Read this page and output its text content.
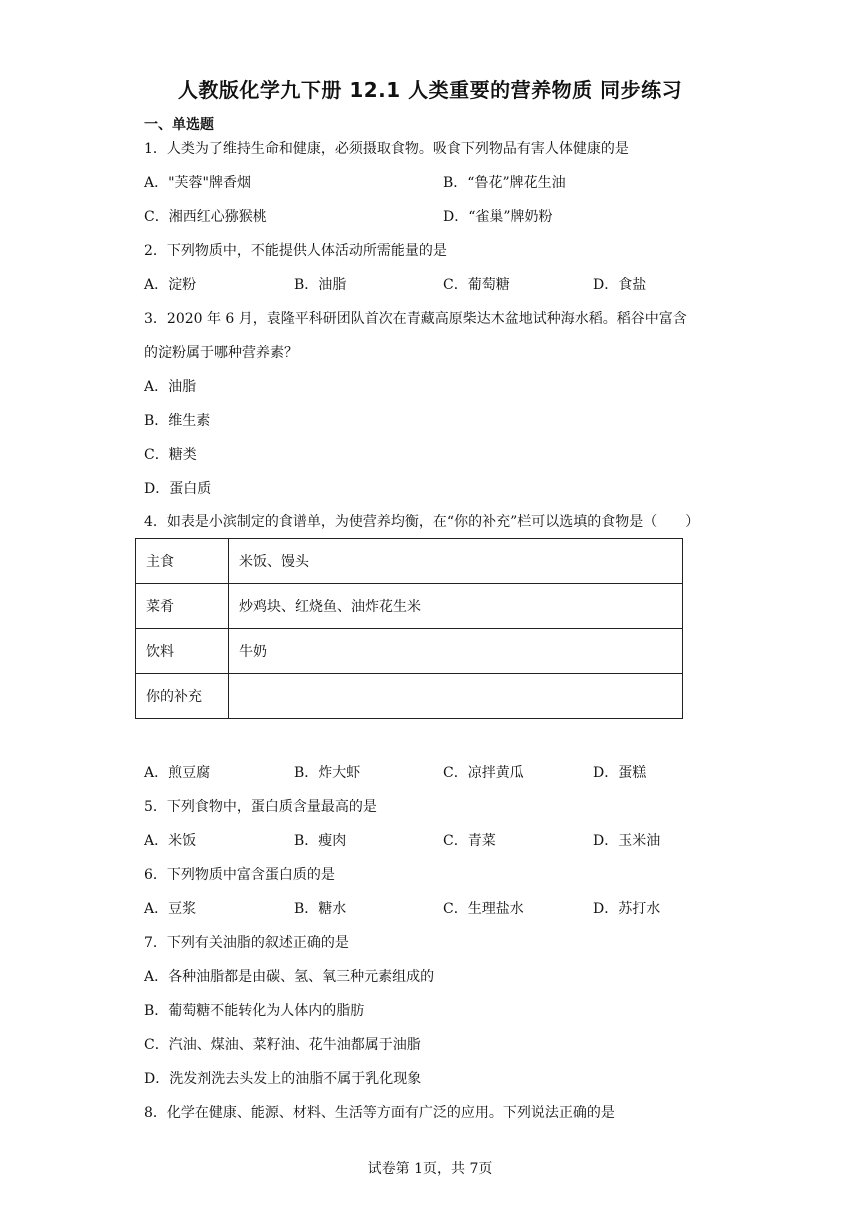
人教版化学九下册 12.1 人类重要的营养物质 同步练习
一、单选题
1．人类为了维持生命和健康，必须摄取食物。吸食下列物品有害人体健康的是
A．"芙蓉"牌香烟	B．“鲁花”牌花生油
C．湘西红心猕猴桃	D．“雀巢”牌奶粉
2．下列物质中，不能提供人体活动所需能量的是
A．淀粉	B．油脂	C．葡萄糖	D．食盐
3．2020 年 6 月，袁隆平科研团队首次在青藏高原柴达木盆地试种海水稻。稻谷中富含
的淀粉属于哪种营养素？
A．油脂
B．维生素
C．糖类
D．蛋白质
4．如表是小滨制定的食谱单，为使营养均衡，在“你的补充”栏可以选填的食物是（　　）
主食	米饭、馒头
菜肴	炒鸡块、红烧鱼、油炸花生米
饮料	牛奶
你的补充	
A．煎豆腐	B．炸大虾	C．凉拌黄瓜	D．蛋糕
5．下列食物中，蛋白质含量最高的是
A．米饭	B．瘦肉	C．青菜	D．玉米油
6．下列物质中富含蛋白质的是
A．豆浆	B．糖水	C．生理盐水	D．苏打水
7．下列有关油脂的叙述正确的是
A．各种油脂都是由碳、氢、氧三种元素组成的
B．葡萄糖不能转化为人体内的脂肪
C．汽油、煤油、菜籽油、花牛油都属于油脂
D．洗发剂洗去头发上的油脂不属于乳化现象
8．化学在健康、能源、材料、生活等方面有广泛的应用。下列说法正确的是
试卷第 1页，共 7页
